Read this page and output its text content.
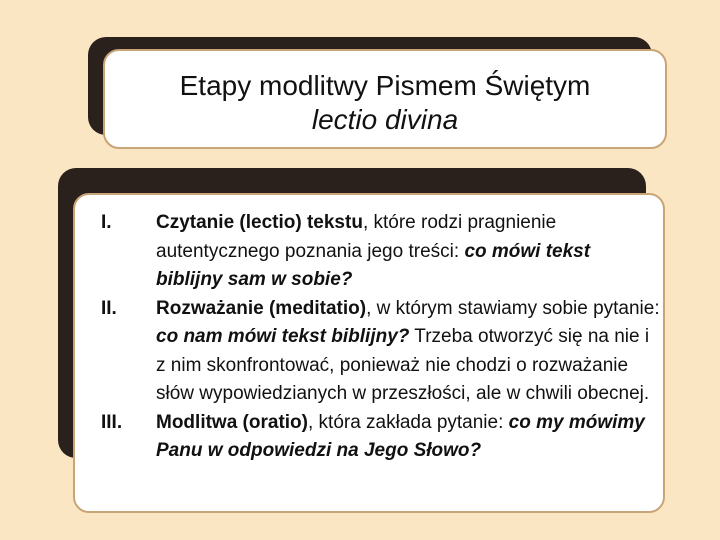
Etapy modlitwy Pismem Świętym
lectio divina
I. Czytanie (lectio) tekstu, które rodzi pragnienie autentycznego poznania jego treści: co mówi tekst biblijny sam w sobie?
II. Rozważanie (meditatio), w którym stawiamy sobie pytanie: co nam mówi tekst biblijny? Trzeba otworzyć się na nie i z nim skonfrontować, ponieważ nie chodzi o rozważanie słów wypowiedzianych w przeszłości, ale w chwili obecnej.
III. Modlitwa (oratio), która zakłada pytanie: co my mówimy Panu w odpowiedzi na Jego Słowo?
